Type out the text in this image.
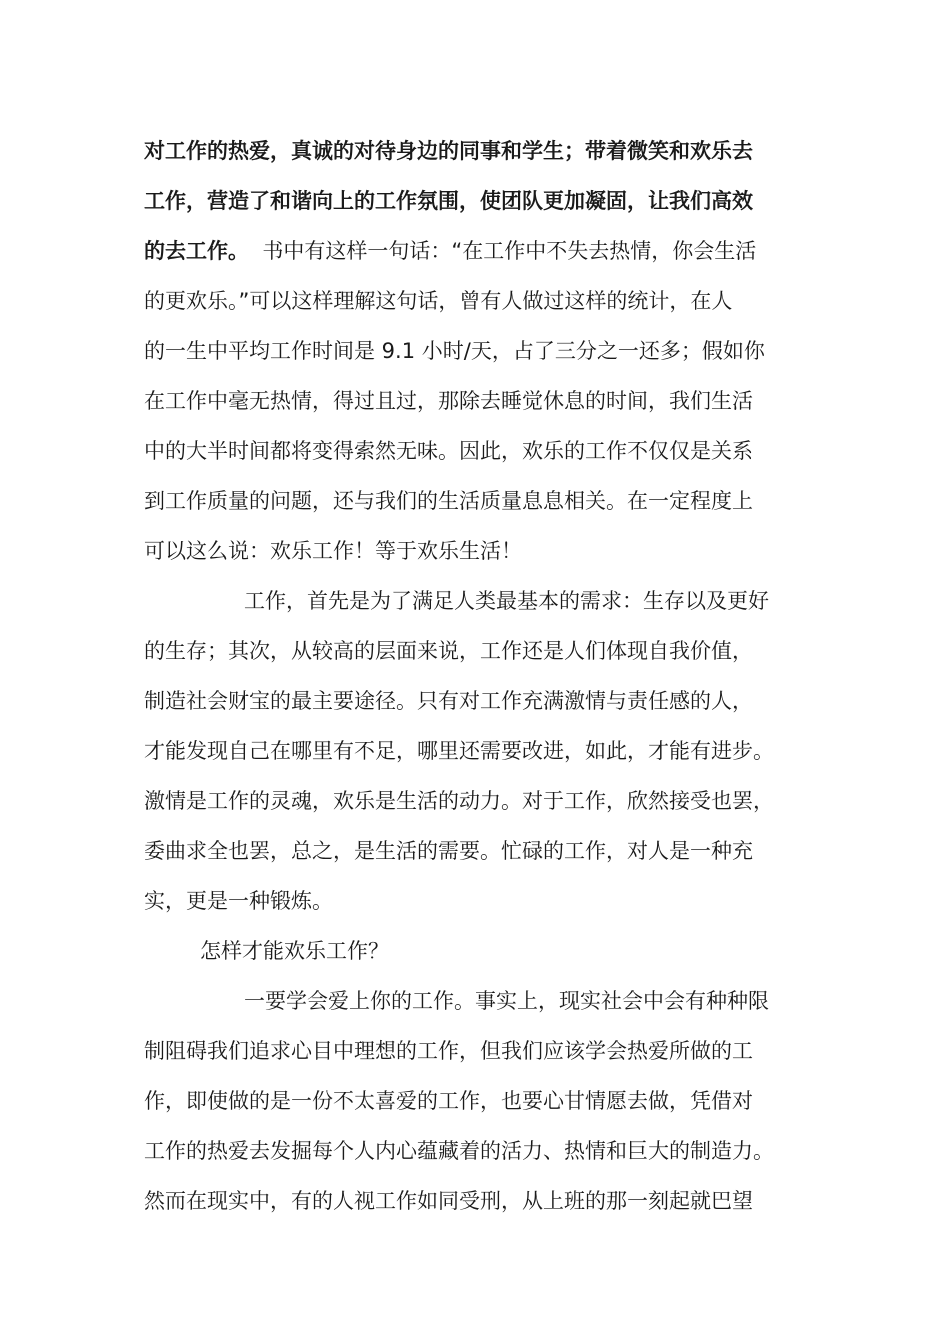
对工作的热爱，真诚的对待身边的同事和学生；带着微笑和欢乐去
工作，营造了和谐向上的工作氛围，使团队更加凝固，让我们高效
的去工作。  书中有这样一句话：“在工作中不失去热情，你会生活
的更欢乐。”可以这样理解这句话，曾有人做过这样的统计，在人
的一生中平均工作时间是 9.1 小时/天，占了三分之一还多；假如你
在工作中毫无热情，得过且过，那除去睡觉休息的时间，我们生活
中的大半时间都将变得索然无味。因此，欢乐的工作不仅仅是关系
到工作质量的问题，还与我们的生活质量息息相关。在一定程度上
可以这么说：欢乐工作！等于欢乐生活！
工作，首先是为了满足人类最基本的需求：生存以及更好
的生存；其次，从较高的层面来说，工作还是人们体现自我价值，
制造社会财宝的最主要途径。只有对工作充满激情与责任感的人，
才能发现自己在哪里有不足，哪里还需要改进，如此，才能有进步。
激情是工作的灵魂，欢乐是生活的动力。对于工作，欣然接受也罢，
委曲求全也罢，总之，是生活的需要。忙碌的工作，对人是一种充
实，更是一种锻炼。
怎样才能欢乐工作？
一要学会爱上你的工作。事实上，现实社会中会有种种限
制阻碍我们追求心目中理想的工作，但我们应该学会热爱所做的工
作，即使做的是一份不太喜爱的工作，也要心甘情愿去做，凭借对
工作的热爱去发掘每个人内心蕴藏着的活力、热情和巨大的制造力。
然而在现实中，有的人视工作如同受刑，从上班的那一刻起就巴望
